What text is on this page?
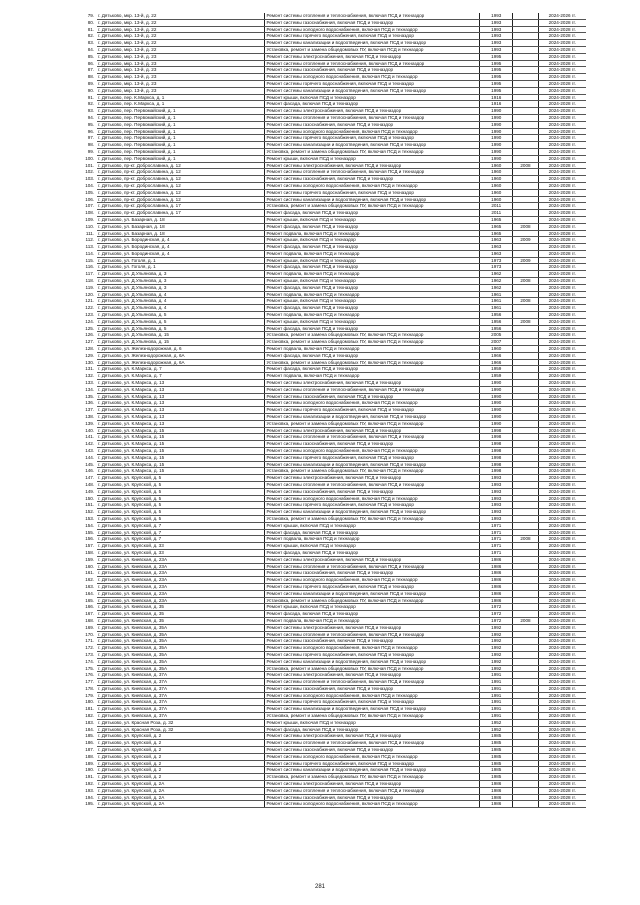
79.	г. Дятьково, мкр. 13-й, д. 22	Ремонт системы отопления и теплоснабжения, включая ПСД и техназдор	1993		2024-2026 гг.
80.	г. Дятьково, мкр. 13-й, д. 22	Ремонт системы газоснабжения, включая ПСД и техназдор	1993		2024-2028 гг.
81.	г. Дятьково, мкр. 13-й, д. 22	Ремонт системы холодного водоснабжения, включая ПСД и техназдор	1993		2024-2028 гг.
82.	г. Дятьково, мкр. 13-й, д. 22	Ремонт системы горячего водоснабжения, включая ПСД и техназдор	1993		2024-2028 гг.
83.	г. Дятьково, мкр. 13-й, д. 22	Ремонт системы канализации и водоотведения, включая ПСД и техназдор	1993		2024-2028 гг.
84.	г. Дятьково, мкр. 13-й, д. 22	Установка, ремонт и замена общедомовых ПУ, включая ПСД и техназдор	1993		2024-2028 гг.
85.	г. Дятьково, мкр. 13-й, д. 23	Ремонт системы электроснабжения, включая ПСД и техназдор	1995		2024-2028 гг.
86.	г. Дятьково, мкр. 13-й, д. 23	Ремонт системы отопления и теплоснабжения, включая ПСД и техназдор	1995		2024-2028 гг.
87.	г. Дятьково, мкр. 13-й, д. 23	Ремонт системы газоснабжения, включая ПСД и техназдор	1995		2024-2028 гг.
88.	г. Дятьково, мкр. 13-й, д. 23	Ремонт системы холодного водоснабжения, включая ПСД и техназдор	1995		2024-2028 гг.
89.	г. Дятьково, мкр. 13-й, д. 23	Ремонт системы горячего водоснабжения, включая ПСД и техназдор	1995		2024-2028 гг.
90.	г. Дятьково, мкр. 13-й, д. 23	Ремонт системы канализации и водоотведения, включая ПСД и техназдор	1995		2024-2028 гг.
91.	г. Дятьково, пер. К.Маркса, д. 1	Ремонт крыши, включая ПСД и техназдор	1916		2024-2028 гг.
92.	г. Дятьково, пер. К.Маркса, д. 1	Ремонт фасада, включая ПСД и техназдор	1916		2024-2028 гг.
93.	г. Дятьково, пер. Первомайский, д. 1	Ремонт системы электроснабжения, включая ПСД и техназдор	1990		2024-2028 гг.
94.	г. Дятьково, пер. Первомайский, д. 1	Ремонт системы отопления и теплоснабжения, включая ПСД и техназдор	1990		2024-2028 гг.
95.	г. Дятьково, пер. Первомайский, д. 1	Ремонт системы газоснабжения, включая ПСД и техназдор	1990		2024-2028 гг.
96.	г. Дятьково, пер. Первомайский, д. 1	Ремонт системы холодного водоснабжения, включая ПСД и техназдор	1990		2024-2028 гг.
97.	г. Дятьково, пер. Первомайский, д. 1	Ремонт системы горячего водоснабжения, включая ПСД и техназдор	1990		2024-2028 гг.
98.	г. Дятьково, пер. Первомайский, д. 1	Ремонт системы канализации и водоотведения, включая ПСД и техназдор	1990		2024-2028 гг.
99.	г. Дятьково, пер. Первомайский, д. 1	Установка, ремонт и замена общедомовых ПУ, включая ПСД и техназдор	1990		2024-2028 гг.
100.	г. Дятьково, пер. Первомайский, д. 1	Ремонт крыши, включая ПСД и техназдор	1990		2024-2028 гг.
101.	г. Дятьково, пр-кт. Доброславина, д. 12	Ремонт системы электроснабжения, включая ПСД и техназдор	1960	2008	2024-2028 гг.
102.	г. Дятьково, пр-кт. Доброславина, д. 12	Ремонт системы отопления и теплоснабжения, включая ПСД и техназдор	1960		2024-2028 гг.
103.	г. Дятьково, пр-кт. Доброславина, д. 12	Ремонт системы газоснабжения, включая ПСД и техназдор	1960		2024-2028 гг.
104.	г. Дятьково, пр-кт. Доброславина, д. 12	Ремонт системы холодного водоснабжения, включая ПСД и техназдор	1960		2024-2028 гг.
105.	г. Дятьково, пр-кт. Доброславина, д. 12	Ремонт системы горячего водоснабжения, включая ПСД и техназдор	1960		2024-2028 гг.
106.	г. Дятьково, пр-кт. Доброславина, д. 12	Ремонт системы канализации и водоотведения, включая ПСД и техназдор	1960		2024-2028 гг.
107.	г. Дятьково, пр-кт. Доброславина, д. 17	Установка, ремонт и замена общедомовых ПУ, включая ПСД и техназдор	2011		2024-2028 гг.
108.	г. Дятьково, пр-кт. Доброславина, д. 17	Ремонт фасада, включая ПСД и техназдор	2011		2024-2028 гг.
109.	г. Дятьково, ул. Базарная, д. 18	Ремонт крыши, включая ПСД и техназдор	1965		2024-2028 гг.
110.	г. Дятьково, ул. Базарная, д. 18	Ремонт фасада, включая ПСД и техназдор	1965	2008	2024-2028 гг.
111.	г. Дятьково, ул. Базарная, д. 18	Ремонт подвала, включая ПСД и техназдор	1965		2024-2028 гг.
112.	г. Дятьково, ул. Бородинская, д. 4	Ремонт крыши, включая ПСД и техназдор	1963	2009	2024-2028 гг.
113.	г. Дятьково, ул. Бородинская, д. 4	Ремонт фасада, включая ПСД и техназдор	1963		2024-2028 гг.
114.	г. Дятьково, ул. Бородинская, д. 4	Ремонт подвала, включая ПСД и техназдор	1963		2024-2028 гг.
115.	г. Дятьково, ул. Гоголя, д. 1	Ремонт крыши, включая ПСД и техназдор	1973	2009	2024-2028 гг.
116.	г. Дятьково, ул. Гоголя, д. 1	Ремонт фасада, включая ПСД и техназдор	1973		2024-2028 гг.
117.	г. Дятьково, ул. Д.Ульянова, д. 3	Ремонт подвала, включая ПСД и техназдор	1962		2024-2028 гг.
118.	г. Дятьково, ул. Д.Ульянова, д. 3	Ремонт крыши, включая ПСД и техназдор	1962	2008	2024-2028 гг.
119.	г. Дятьково, ул. Д.Ульянова, д. 3	Ремонт фасада, включая ПСД и техназдор	1962		2024-2028 гг.
120.	г. Дятьково, ул. Д.Ульянова, д. 4	Ремонт подвала, включая ПСД и техназдор	1961		2024-2028 гг.
121.	г. Дятьково, ул. Д.Ульянова, д. 4	Ремонт крыши, включая ПСД и техназдор	1961	2008	2024-2028 гг.
122.	г. Дятьково, ул. Д.Ульянова, д. 4	Ремонт фасада, включая ПСД и техназдор	1961		2024-2028 гг.
123.	г. Дятьково, ул. Д.Ульянова, д. 5	Ремонт подвала, включая ПСД и техназдор	1956		2024-2028 гг.
124.	г. Дятьково, ул. Д.Ульянова, д. 5	Ремонт крыши, включая ПСД и техназдор	1956	2008	2024-2028 гг.
125.	г. Дятьково, ул. Д.Ульянова, д. 5	Ремонт фасада, включая ПСД и техназдор	1956		2024-2028 гг.
126.	г. Дятьково, ул. Д.Ульянова, д. 15	Установка, ремонт и замена общедомовых ПУ, включая ПСД и техназдор	2005		2024-2028 гг.
127.	г. Дятьково, ул. Д.Ульянова, д. 15	Установка, ремонт и замена общедомовых ПУ, включая ПСД и техназдор	2007		2024-2028 гг.
128.	г. Дятьково, ул. Железнодорожная, д. 6	Ремонт подвала, включая ПСД и техназдор	1960		2024-2028 гг.
129.	г. Дятьково, ул. Железнодорожная, д. 6А	Ремонт фасада, включая ПСД и техназдор	1966		2024-2028 гг.
130.	г. Дятьково, ул. Железнодорожная, д. 6А	Установка, ремонт и замена общедомовых ПУ, включая ПСД и техназдор	1966		2024-2028 гг.
131.	г. Дятьково, ул. К.Маркса, д. 7	Ремонт фасада, включая ПСД и техназдор	1959		2024-2028 гг.
132.	г. Дятьково, ул. К.Маркса, д. 7	Ремонт подвала, включая ПСД и техназдор	1959		2024-2028 гг.
133.	г. Дятьково, ул. К.Маркса, д. 13	Ремонт системы электроснабжения, включая ПСД и техназдор	1990		2024-2028 гг.
134.	г. Дятьково, ул. К.Маркса, д. 13	Ремонт системы отопления и теплоснабжения, включая ПСД и техназдор	1990		2024-2028 гг.
135.	г. Дятьково, ул. К.Маркса, д. 13	Ремонт системы газоснабжения, включая ПСД и техназдор	1990		2024-2028 гг.
136.	г. Дятьково, ул. К.Маркса, д. 13	Ремонт системы холодного водоснабжения, включая ПСД и техназдор	1990		2024-2028 гг.
137.	г. Дятьково, ул. К.Маркса, д. 13	Ремонт системы горячего водоснабжения, включая ПСД и техназдор	1990		2024-2028 гг.
138.	г. Дятьково, ул. К.Маркса, д. 13	Ремонт системы канализации и водоотведения, включая ПСД и техназдор	1990		2024-2028 гг.
139.	г. Дятьково, ул. К.Маркса, д. 13	Установка, ремонт и замена общедомовых ПУ, включая ПСД и техназдор	1990		2024-2028 гг.
140.	г. Дятьково, ул. К.Маркса, д. 15	Ремонт системы электроснабжения, включая ПСД и техназдор	1998		2024-2028 гг.
141.	г. Дятьково, ул. К.Маркса, д. 15	Ремонт системы отопления и теплоснабжения, включая ПСД и техназдор	1998		2024-2028 гг.
142.	г. Дятьково, ул. К.Маркса, д. 15	Ремонт системы газоснабжения, включая ПСД и техназдор	1998		2024-2028 гг.
143.	г. Дятьково, ул. К.Маркса, д. 15	Ремонт системы холодного водоснабжения, включая ПСД и техназдор	1998		2024-2028 гг.
144.	г. Дятьково, ул. К.Маркса, д. 15	Ремонт системы горячего водоснабжения, включая ПСД и техназдор	1998		2024-2028 гг.
145.	г. Дятьково, ул. К.Маркса, д. 15	Ремонт системы канализации и водоотведения, включая ПСД и техназдор	1998		2024-2028 гг.
146.	г. Дятьково, ул. К.Маркса, д. 15	Установка, ремонт и замена общедомовых ПУ, включая ПСД и техназдор	1998		2024-2028 гг.
147.	г. Дятьково, ул. Крупской, д. 5	Ремонт системы электроснабжения, включая ПСД и техназдор	1993		2024-2028 гг.
148.	г. Дятьково, ул. Крупской, д. 5	Ремонт системы отопления и теплоснабжения, включая ПСД и техназдор	1993		2024-2028 гг.
149.	г. Дятьково, ул. Крупской, д. 5	Ремонт системы газоснабжения, включая ПСД и техназдор	1993		2024-2028 гг.
150.	г. Дятьково, ул. Крупской, д. 5	Ремонт системы холодного водоснабжения, включая ПСД и техназдор	1993		2024-2028 гг.
151.	г. Дятьково, ул. Крупской, д. 5	Ремонт системы горячего водоснабжения, включая ПСД и техназдор	1993		2024-2028 гг.
152.	г. Дятьково, ул. Крупской, д. 5	Ремонт системы канализации и водоотведения, включая ПСД и техназдор	1993		2024-2028 гг.
153.	г. Дятьково, ул. Крупской, д. 5	Установка, ремонт и замена общедомовых ПУ, включая ПСД и техназдор	1993		2024-2028 гг.
154.	г. Дятьково, ул. Крупской, д. 7	Ремонт крыши, включая ПСД и техназдор	1971		2024-2028 гг.
155.	г. Дятьково, ул. Крупской, д. 7	Ремонт фасада, включая ПСД и техназдор	1971		2024-2028 гг.
156.	г. Дятьково, ул. Крупской, д. 7	Ремонт подвала, включая ПСД и техназдор	1971	2008	2024-2028 гг.
157.	г. Дятьково, ул. Крупской, д. 33	Ремонт крыши, включая ПСД и техназдор	1971		2024-2028 гг.
158.	г. Дятьково, ул. Крупской, д. 33	Ремонт фасада, включая ПСД и техназдор	1971		2024-2028 гг.
159.	г. Дятьково, ул. Киевская, д. 23А	Ремонт системы электроснабжения, включая ПСД и техназдор	1986		2024-2028 гг.
160.	г. Дятьково, ул. Киевская, д. 23А	Ремонт системы отопления и теплоснабжения, включая ПСД и техназдор	1986		2024-2028 гг.
161.	г. Дятьково, ул. Киевская, д. 23А	Ремонт системы газоснабжения, включая ПСД и техназдор	1986		2024-2028 гг.
162.	г. Дятьково, ул. Киевская, д. 23А	Ремонт системы холодного водоснабжения, включая ПСД и техназдор	1986		2024-2028 гг.
163.	г. Дятьково, ул. Киевская, д. 23А	Ремонт системы горячего водоснабжения, включая ПСД и техназдор	1986		2024-2028 гг.
164.	г. Дятьково, ул. Киевская, д. 23А	Ремонт системы канализации и водоотведения, включая ПСД и техназдор	1986		2024-2028 гг.
165.	г. Дятьково, ул. Киевская, д. 23А	Установка, ремонт и замена общедомовых ПУ, включая ПСД и техназдор	1986		2024-2028 гг.
166.	г. Дятьково, ул. Киевская, д. 35	Ремонт крыши, включая ПСД и техназдор	1972		2024-2028 гг.
167.	г. Дятьково, ул. Киевская, д. 35	Ремонт фасада, включая ПСД и техназдор	1972		2024-2028 гг.
168.	г. Дятьково, ул. Киевская, д. 35	Ремонт подвала, включая ПСД и техназдор	1972	2008	2024-2028 гг.
169.	г. Дятьково, ул. Киевская, д. 35А	Ремонт системы электроснабжения, включая ПСД и техназдор	1992		2024-2028 гг.
170.	г. Дятьково, ул. Киевская, д. 35А	Ремонт системы отопления и теплоснабжения, включая ПСД и техназдор	1992		2024-2028 гг.
171.	г. Дятьково, ул. Киевская, д. 35А	Ремонт системы газоснабжения, включая ПСД и техназдор	1992		2024-2028 гг.
172.	г. Дятьково, ул. Киевская, д. 35А	Ремонт системы холодного водоснабжения, включая ПСД и техназдор	1992		2024-2028 гг.
173.	г. Дятьково, ул. Киевская, д. 35А	Ремонт системы горячего водоснабжения, включая ПСД и техназдор	1992		2024-2028 гг.
174.	г. Дятьково, ул. Киевская, д. 35А	Ремонт системы канализации и водоотведения, включая ПСД и техназдор	1992		2024-2028 гг.
175.	г. Дятьково, ул. Киевская, д. 35А	Установка, ремонт и замена общедомовых ПУ, включая ПСД и техназдор	1992		2024-2028 гг.
176.	г. Дятьково, ул. Киевская, д. 37А	Ремонт системы электроснабжения, включая ПСД и техназдор	1991		2024-2028 гг.
177.	г. Дятьково, ул. Киевская, д. 37А	Ремонт системы отопления и теплоснабжения, включая ПСД и техназдор	1991		2024-2028 гг.
178.	г. Дятьково, ул. Киевская, д. 37А	Ремонт системы газоснабжения, включая ПСД и техназдор	1991		2024-2028 гг.
179.	г. Дятьково, ул. Киевская, д. 37А	Ремонт системы холодного водоснабжения, включая ПСД и техназдор	1991		2024-2028 гг.
180.	г. Дятьково, ул. Киевская, д. 37А	Ремонт системы горячего водоснабжения, включая ПСД и техназдор	1991		2024-2028 гг.
181.	г. Дятьково, ул. Киевская, д. 37А	Ремонт системы канализации и водоотведения, включая ПСД и техназдор	1991		2024-2028 гг.
182.	г. Дятьково, ул. Киевская, д. 37А	Установка, ремонт и замена общедомовых ПУ, включая ПСД и техназдор	1991		2024-2028 гг.
183.	г. Дятьково, ул. Красная Роза, д. 32	Ремонт крыши, включая ПСД и техназдор	1952		2024-2028 гг.
184.	г. Дятьково, ул. Красная Роза, д. 32	Ремонт фасада, включая ПСД и техназдор	1952		2024-2028 гг.
185.	г. Дятьково, ул. Крупской, д. 2	Ремонт системы электроснабжения, включая ПСД и техназдор	1985		2024-2028 гг.
186.	г. Дятьково, ул. Крупской, д. 2	Ремонт системы отопления и теплоснабжения, включая ПСД и техназдор	1985		2024-2028 гг.
187.	г. Дятьково, ул. Крупской, д. 2	Ремонт системы газоснабжения, включая ПСД и техназдор	1985		2024-2028 гг.
188.	г. Дятьково, ул. Крупской, д. 2	Ремонт системы холодного водоснабжения, включая ПСД и техназдор	1985		2024-2028 гг.
189.	г. Дятьково, ул. Крупской, д. 2	Ремонт системы горячего водоснабжения, включая ПСД и техназдор	1985		2024-2028 гг.
190.	г. Дятьково, ул. Крупской, д. 2	Ремонт системы канализации и водоотведения, включая ПСД и техназдор	1985		2024-2028 гг.
191.	г. Дятьково, ул. Крупской, д. 2	Установка, ремонт и замена общедомовых ПУ, включая ПСД и техназдор	1985		2024-2028 гг.
192.	г. Дятьково, ул. Крупской, д. 2А	Ремонт системы электроснабжения, включая ПСД и техназдор	1986		2024-2028 гг.
193.	г. Дятьково, ул. Крупской, д. 2А	Ремонт системы отопления и теплоснабжения, включая ПСД и техназдор	1986		2024-2028 гг.
194.	г. Дятьково, ул. Крупской, д. 2А	Ремонт системы газоснабжения, включая ПСД и техназдор	1986		2024-2028 гг.
195.	г. Дятьково, ул. Крупской, д. 2А	Ремонт системы холодного водоснабжения, включая ПСД и техназдор	1986		2024-2028 гг.
281
